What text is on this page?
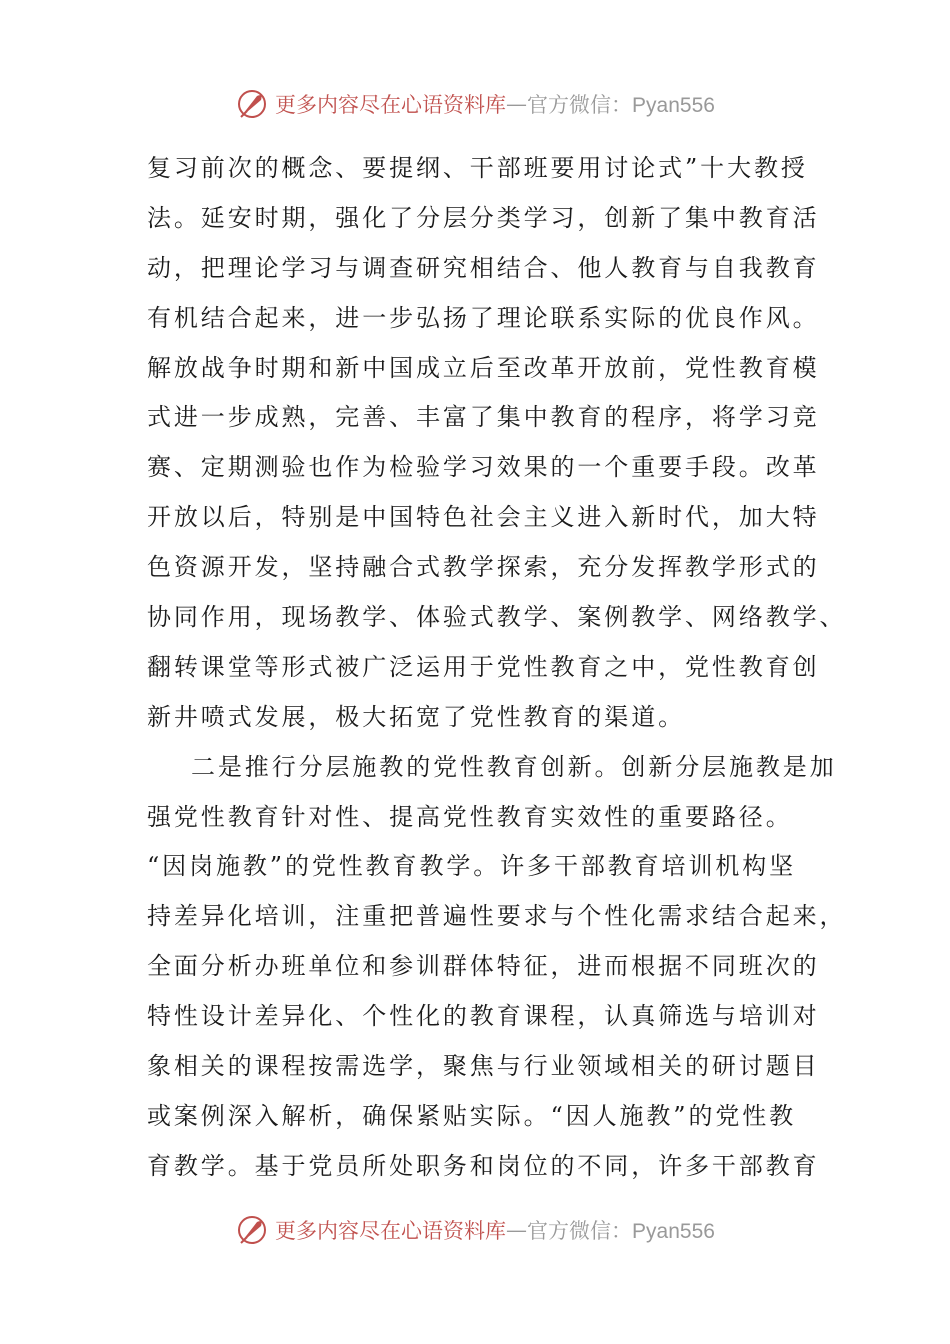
更多内容尽在心语资料库 — 官方微信：Pyan556
复习前次的概念、要提纲、干部班要用讨论式”十大教授
法。延安时期，强化了分层分类学习，创新了集中教育活
动，把理论学习与调查研究相结合、他人教育与自我教育
有机结合起来，进一步弘扬了理论联系实际的优良作风。
解放战争时期和新中国成立后至改革开放前，党性教育模
式进一步成熟，完善、丰富了集中教育的程序，将学习竞
赛、定期测验也作为检验学习效果的一个重要手段。改革
开放以后，特别是中国特色社会主义进入新时代，加大特
色资源开发，坚持融合式教学探索，充分发挥教学形式的
协同作用，现场教学、体验式教学、案例教学、网络教学、
翻转课堂等形式被广泛运用于党性教育之中，党性教育创
新井喷式发展，极大拓宽了党性教育的渠道。
二是推行分层施教的党性教育创新。创新分层施教是加
强党性教育针对性、提高党性教育实效性的重要路径。
“因岗施教”的党性教育教学。许多干部教育培训机构坚
持差异化培训，注重把普遍性要求与个性化需求结合起来，
全面分析办班单位和参训群体特征，进而根据不同班次的
特性设计差异化、个性化的教育课程，认真筛选与培训对
象相关的课程按需选学，聚焦与行业领域相关的研讨题目
或案例深入解析，确保紧贴实际。“因人施教”的党性教
育教学。基于党员所处职务和岗位的不同，许多干部教育
更多内容尽在心语资料库 — 官方微信：Pyan556
